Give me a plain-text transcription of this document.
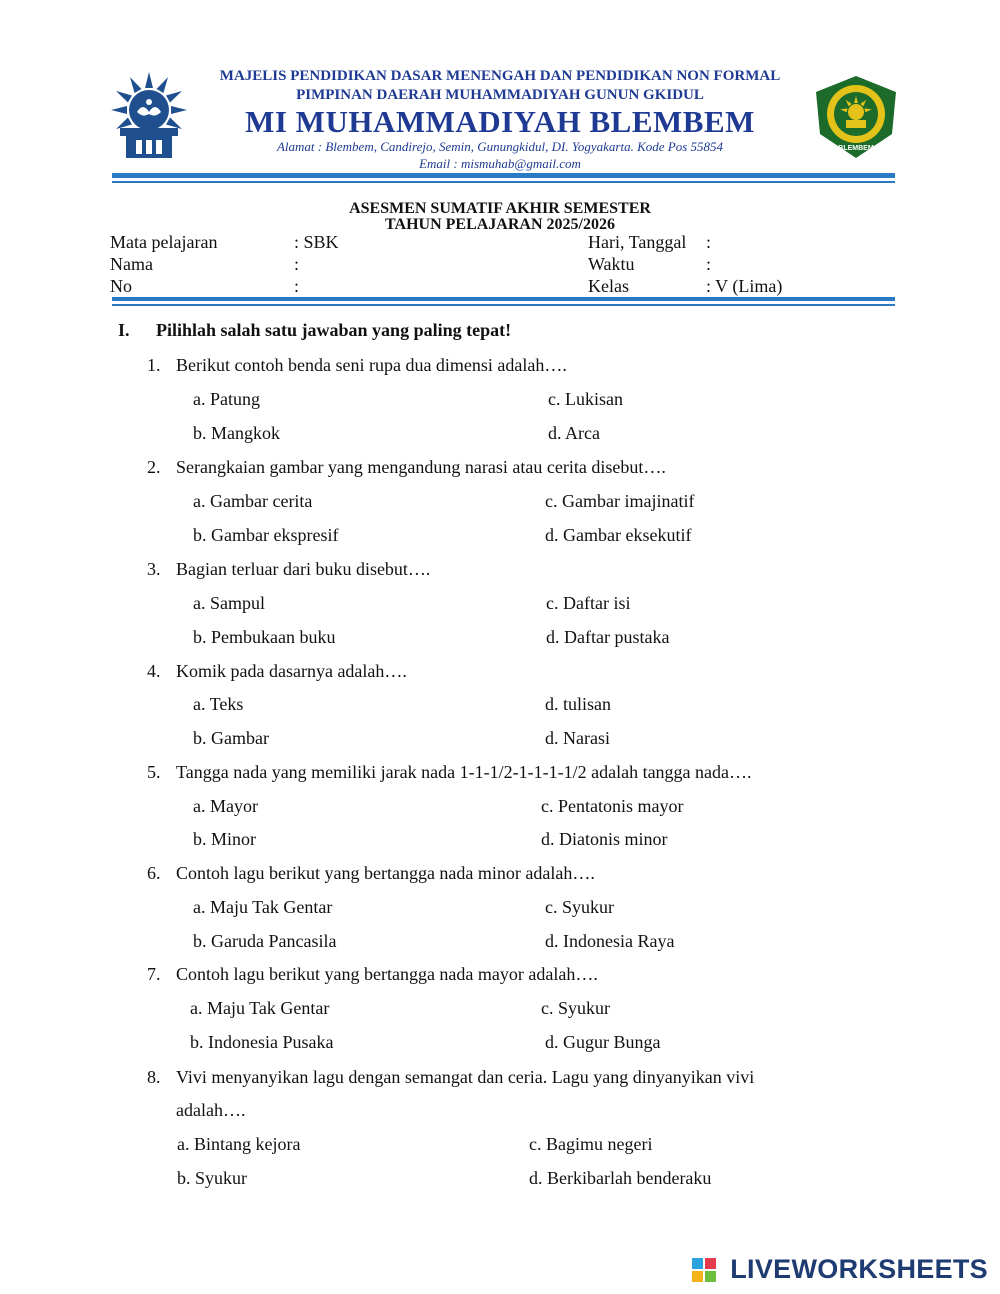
BLEMBEM
MAJELIS PENDIDIKAN DASAR MENENGAH DAN PENDIDIKAN NON FORMAL
PIMPINAN DAERAH MUHAMMADIYAH GUNUN GKIDUL
MI MUHAMMADIYAH BLEMBEM
Alamat : Blembem, Candirejo, Semin, Gunungkidul, DI. Yogyakarta. Kode Pos 55854
Email : mismuhab@gmail.com
ASESMEN SUMATIF AKHIR SEMESTER
TAHUN PELAJARAN 2025/2026
Mata pelajaran	: SBK	Hari, Tanggal :
Nama	:	Waktu	:
No	:	Kelas	: V (Lima)
I. Pilihlah salah satu jawaban yang paling tepat!
1. Berikut contoh benda seni rupa dua dimensi adalah….
a. Patung	c. Lukisan
b. Mangkok	d. Arca
2. Serangkaian gambar yang mengandung narasi atau cerita disebut….
a. Gambar cerita	c. Gambar imajinatif
b. Gambar ekspresif	d. Gambar eksekutif
3. Bagian terluar dari buku disebut….
a. Sampul	c. Daftar isi
b. Pembukaan buku	d. Daftar pustaka
4. Komik pada dasarnya adalah….
a. Teks	d. tulisan
b. Gambar	d. Narasi
5. Tangga nada yang memiliki jarak nada 1-1-1/2-1-1-1-1/2 adalah tangga nada….
a. Mayor	c. Pentatonis mayor
b. Minor	d. Diatonis minor
6. Contoh lagu berikut yang bertangga nada minor adalah….
a. Maju Tak Gentar	c. Syukur
b. Garuda Pancasila	d. Indonesia Raya
7. Contoh lagu berikut yang bertangga nada mayor adalah….
a. Maju Tak Gentar	c. Syukur
b. Indonesia Pusaka	d. Gugur Bunga
8. Vivi menyanyikan lagu dengan semangat dan ceria. Lagu yang dinyanyikan vivi
adalah….
a. Bintang kejora	c. Bagimu negeri
b. Syukur	d. Berkibarlah benderaku
LIVEWORKSHEETS
